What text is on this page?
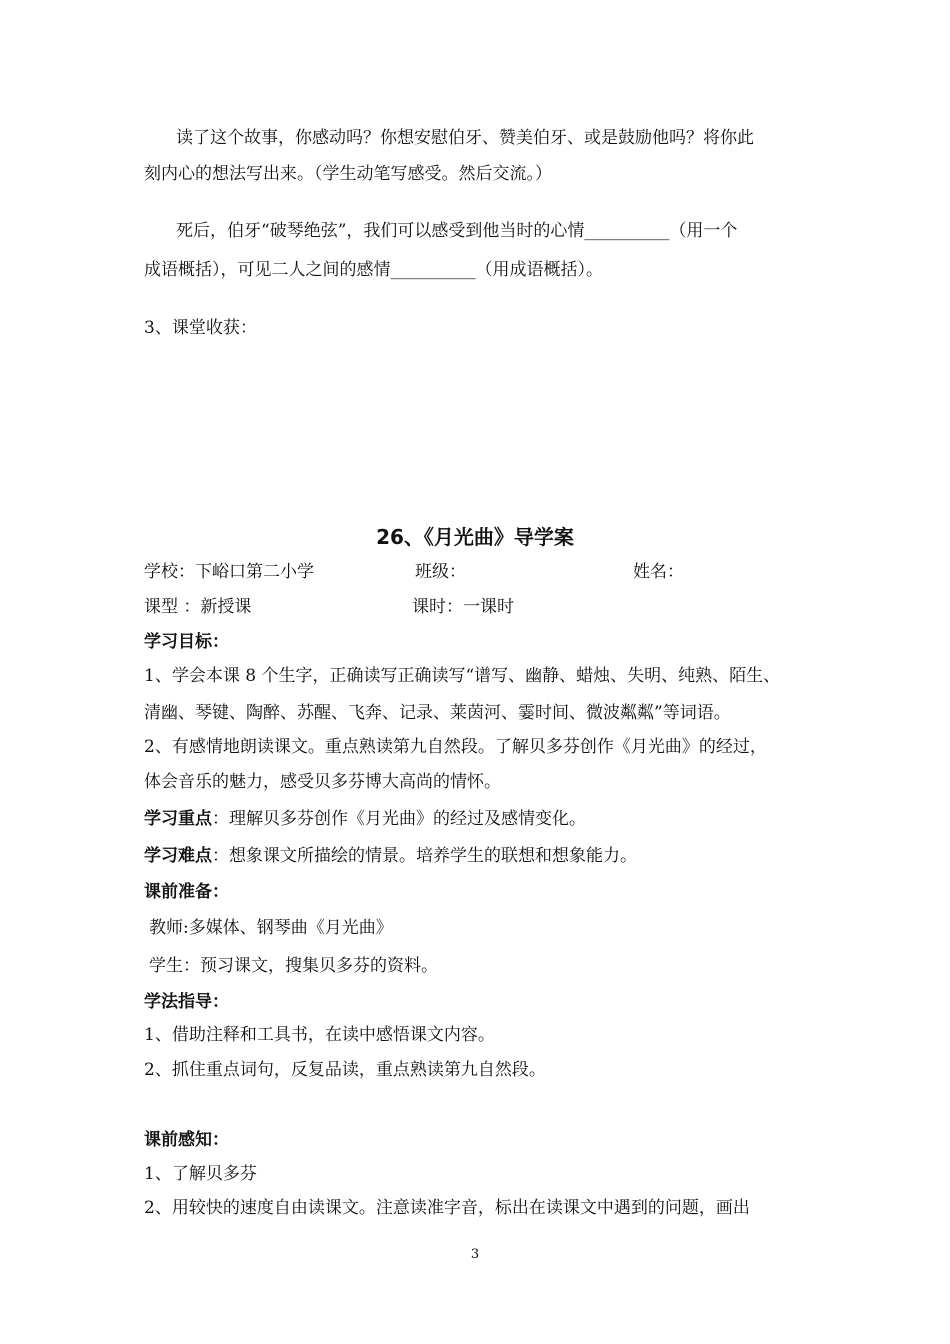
读了这个故事，你感动吗？你想安慰伯牙、赞美伯牙、或是鼓励他吗？将你此
刻内心的想法写出来。（学生动笔写感受。然后交流。）
死后，伯牙“破琴绝弦”，我们可以感受到他当时的心情__________（用一个
成语概括），可见二人之间的感情__________（用成语概括）。
3、课堂收获：
26、《月光曲》导学案
学校：下峪口第二小学	班级：	姓名：
课型 ：新授课	课时：一课时
学习目标：
1、学会本课 8 个生字，正确读写正确读写“谱写、幽静、蜡烛、失明、纯熟、陌生、
清幽、琴键、陶醉、苏醒、飞奔、记录、莱茵河、霎时间、微波粼粼”等词语。
2、有感情地朗读课文。重点熟读第九自然段。了解贝多芬创作《月光曲》的经过，
体会音乐的魅力，感受贝多芬博大高尚的情怀。
学习重点：理解贝多芬创作《月光曲》的经过及感情变化。
学习难点：想象课文所描绘的情景。培养学生的联想和想象能力。
课前准备：
教师:多媒体、钢琴曲《月光曲》
学生：预习课文，搜集贝多芬的资料。
学法指导：
1、借助注释和工具书，在读中感悟课文内容。
2、抓住重点词句，反复品读，重点熟读第九自然段。
课前感知：
1、了解贝多芬
2、用较快的速度自由读课文。注意读准字音，标出在读课文中遇到的问题，画出
3
